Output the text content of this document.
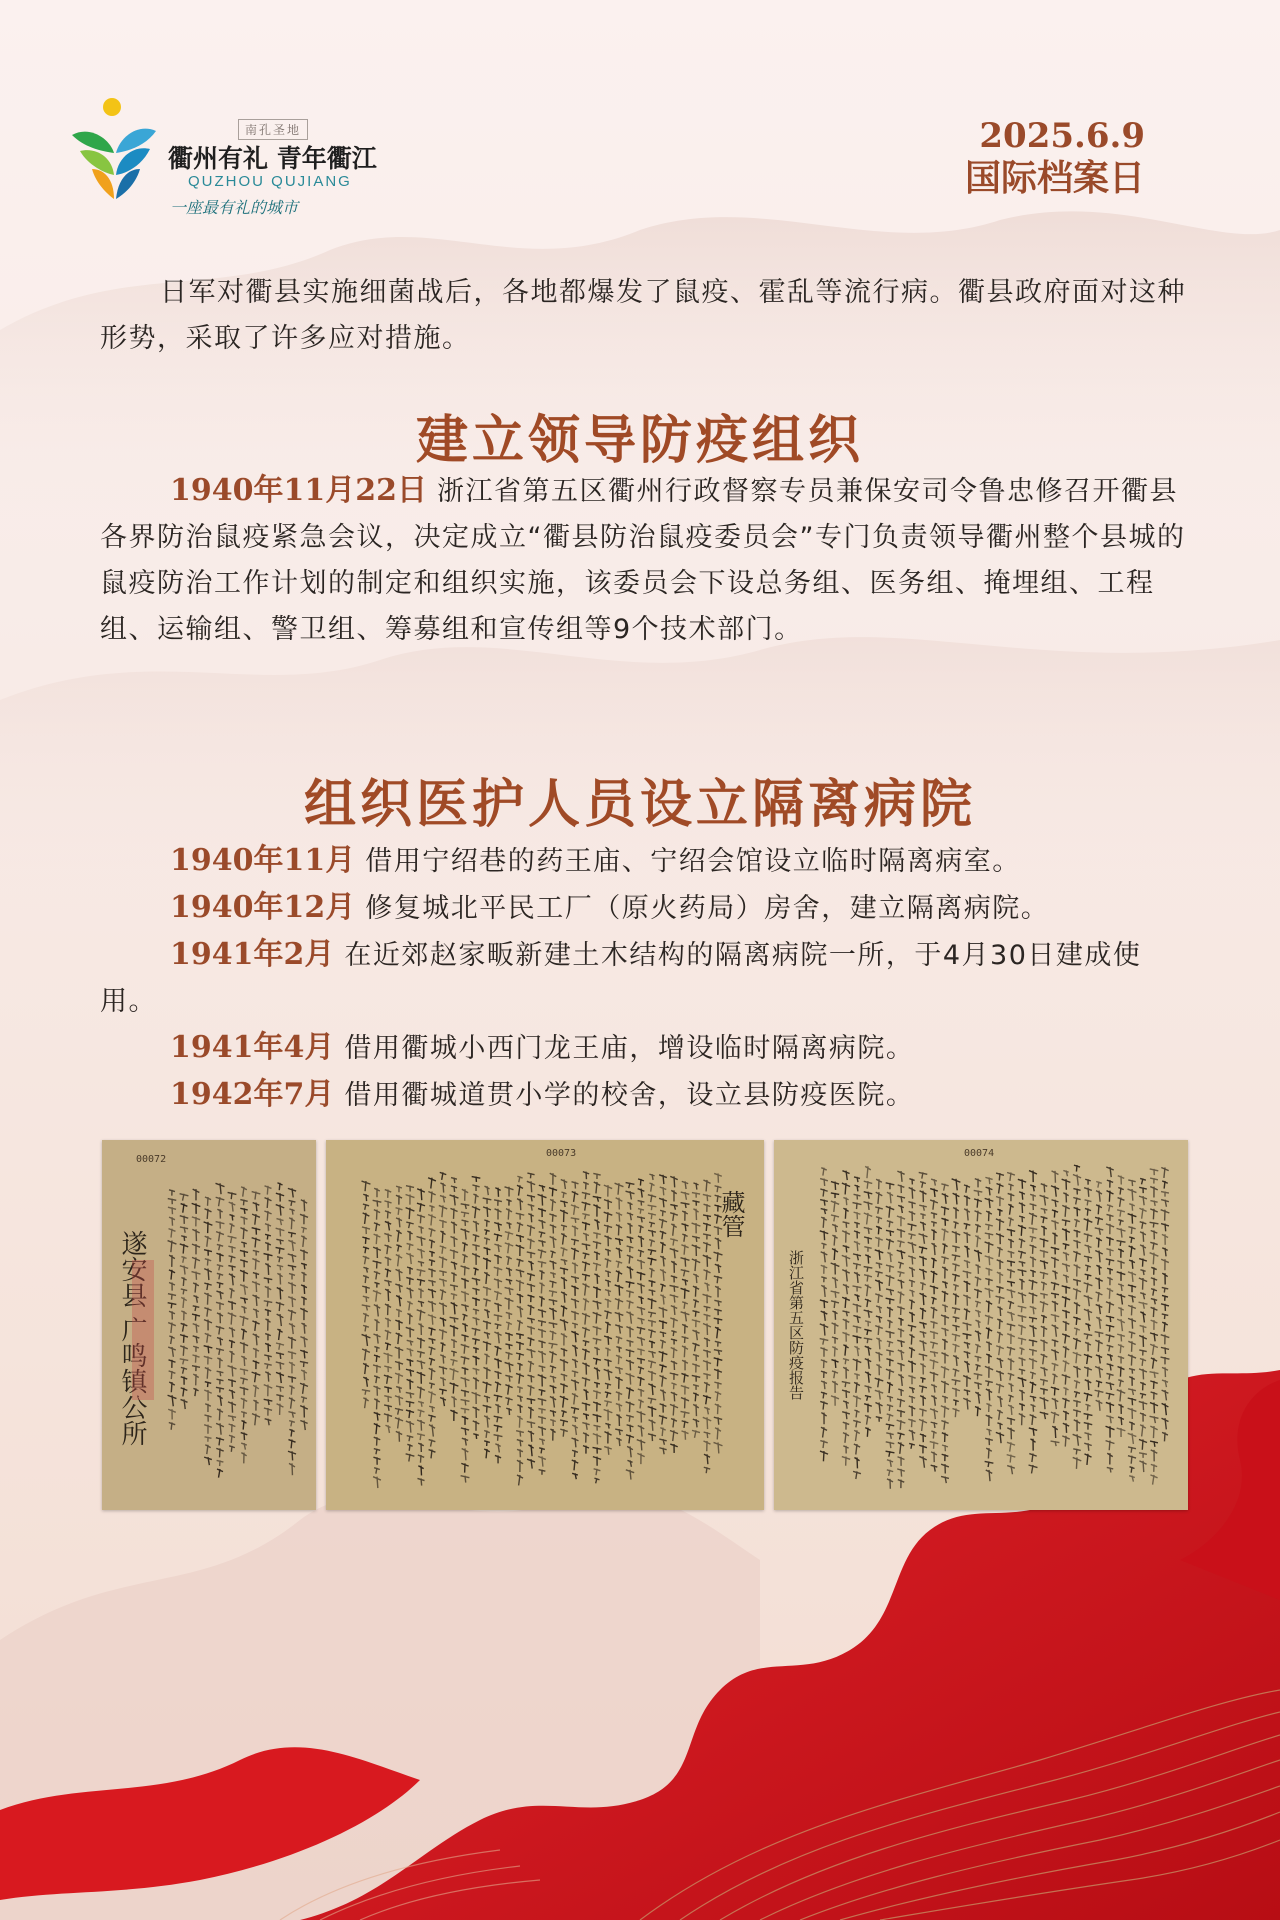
南孔圣地
衢州有礼 青年衢江
QUZHOU QUJIANG
一座最有礼的城市
2025.6.9
国际档案日
日军对衢县实施细菌战后，各地都爆发了鼠疫、霍乱等流行病。衢县政府面对这种形势，采取了许多应对措施。
建立领导防疫组织
1940年11月22日 浙江省第五区衢州行政督察专员兼保安司令鲁忠修召开衢县各界防治鼠疫紧急会议，决定成立“衢县防治鼠疫委员会”专门负责领导衢州整个县城的鼠疫防治工作计划的制定和组织实施，该委员会下设总务组、医务组、掩埋组、工程组、运输组、警卫组、筹募组和宣传组等9个技术部门。
组织医护人员设立隔离病院
1940年11月 借用宁绍巷的药王庙、宁绍会馆设立临时隔离病室。
1940年12月 修复城北平民工厂（原火药局）房舍，建立隔离病院。
1941年2月 在近郊赵家畈新建土木结构的隔离病院一所，于4月30日建成使用。
1941年4月 借用衢城小西门龙王庙，增设临时隔离病院。
1942年7月 借用衢城道贯小学的校舍，设立县防疫医院。
00072
遂安县 广鸣镇公所
00073
藏管
00074
浙江省第五区防疫报告
